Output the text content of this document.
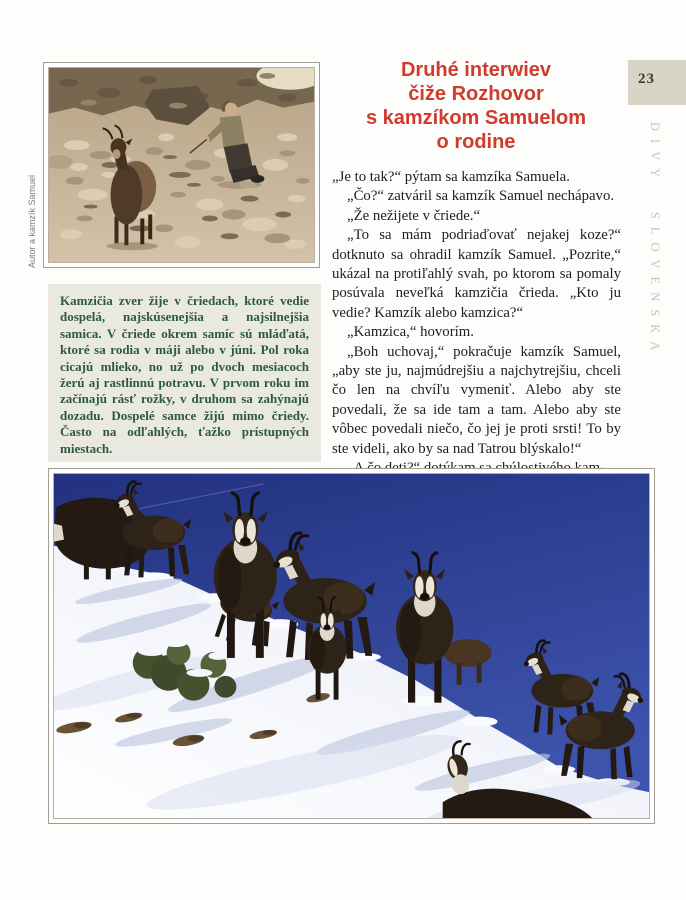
23
DIVY SLOVENSKA
Autor a kamzík Samuel
Druhé interwiev
čiže Rozhovor
s kamzíkom Samuelom
o rodine

Kamzičia zver žije v čriedach, ktoré vedie dospelá, najskúsenejšia a najsilnejšia samica. V čriede okrem samíc sú mláďatá, ktoré sa rodia v máji alebo v júni. Pol roka cicajú mlieko, no už po dvoch mesiacoch žerú aj rastlinnú potravu. V prvom roku im začínajú rásť rožky, v druhom sa zahýnajú dozadu. Dospelé samce žijú mimo čriedy. Často na odľahlých, ťažko prístupných miestach.

„Je to tak?“ pýtam sa kamzíka Samuela.

„Čo?“ zatváril sa kamzík Samuel nechápavo.

„Že nežijete v čriede.“

„To sa mám podriaďovať nejakej koze?“ dotknuto sa ohradil kamzík Samuel. „Pozrite,“ ukázal na protiľahlý svah, po ktorom sa pomaly posúvala neveľká kamzičia črieda. „Kto ju vedie? Kamzík alebo kamzica?“

„Kamzica,“ hovorím.

„Boh uchovaj,“ pokračuje kamzík Samuel, „aby ste ju, najmúdrejšiu a najchytrejšiu, chceli čo len na chvíľu vymeniť. Alebo aby ste povedali, že sa ide tam a tam. Alebo aby ste vôbec povedali niečo, čo jej je proti srsti! To by ste videli, ako by sa nad Tatrou blýskalo!“
